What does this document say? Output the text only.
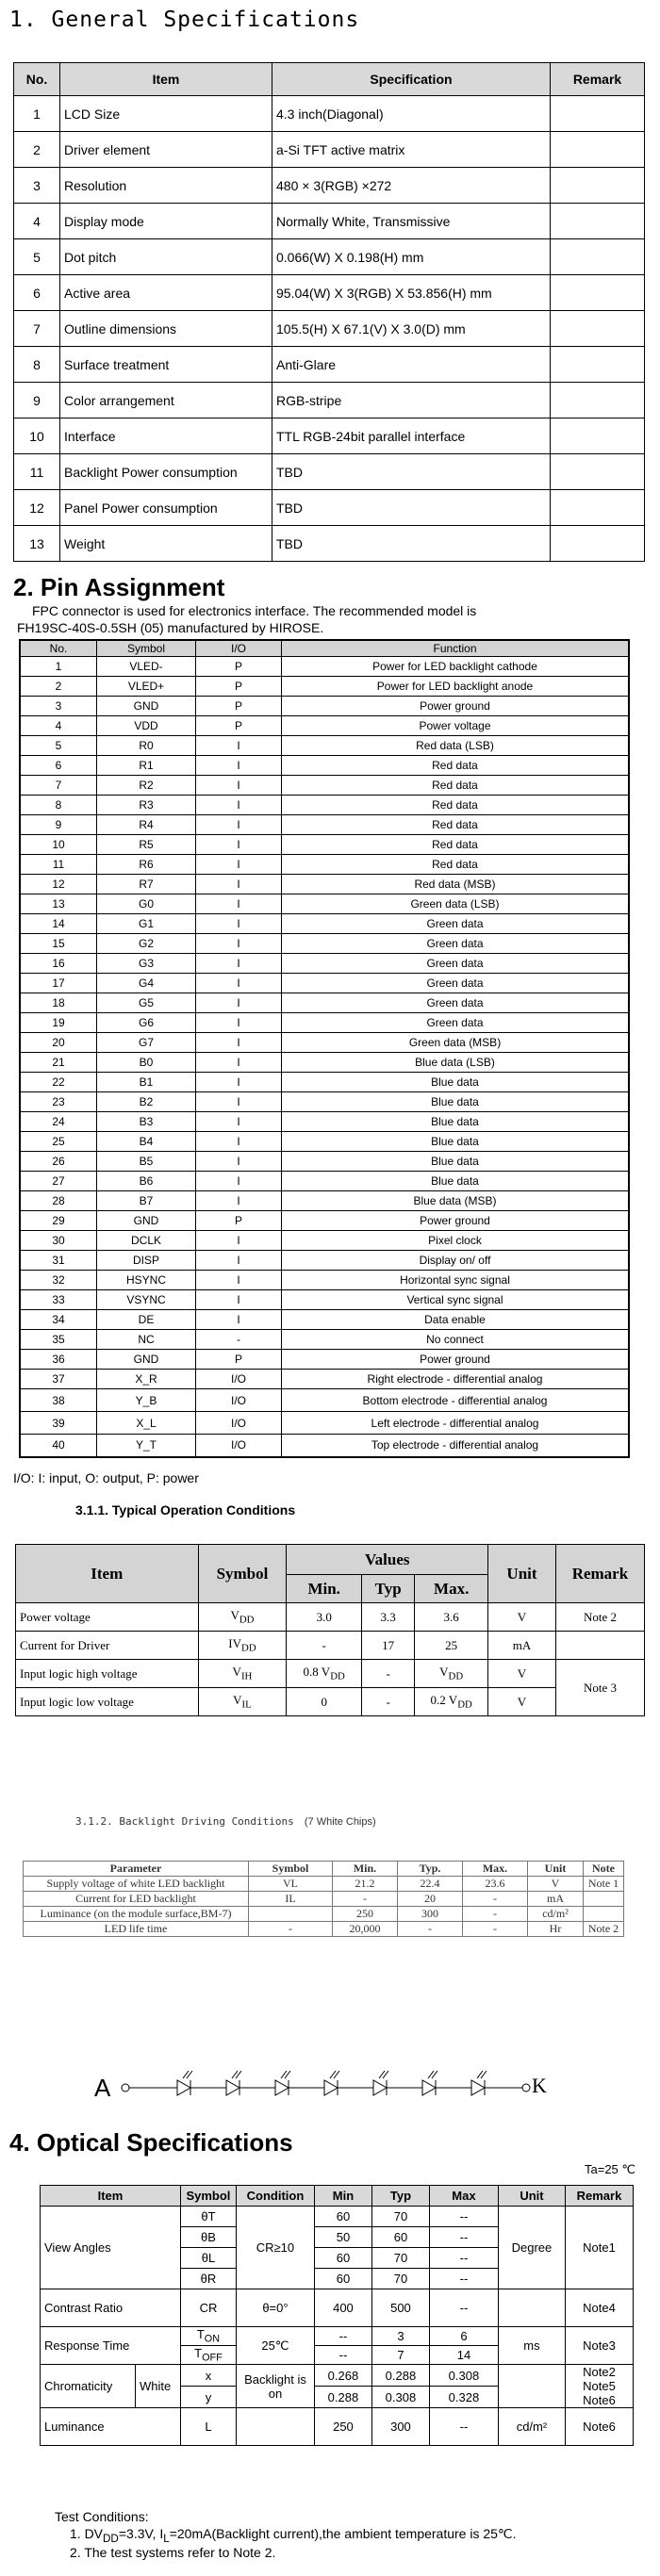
1. General Specifications
No.	Item	Specification	Remark
1	LCD Size	4.3 inch(Diagonal)	
2	Driver element	a-Si TFT active matrix	
3	Resolution	480 × 3(RGB) ×272	
4	Display mode	Normally White, Transmissive	
5	Dot pitch	0.066(W) X 0.198(H) mm	
6	Active area	95.04(W) X 3(RGB) X 53.856(H) mm	
7	Outline dimensions	105.5(H) X 67.1(V) X 3.0(D) mm	
8	Surface treatment	Anti-Glare	
9	Color arrangement	RGB-stripe	
10	Interface	TTL RGB-24bit parallel interface	
11	Backlight Power consumption	TBD	
12	Panel Power consumption	TBD	
13	Weight	TBD	
2. Pin Assignment
FPC connector is used for electronics interface. The recommended model is
FH19SC-40S-0.5SH (05) manufactured by HIROSE.
No.	Symbol	I/O	Function
1	VLED-	P	Power for LED backlight cathode
2	VLED+	P	Power for LED backlight anode
3	GND	P	Power ground
4	VDD	P	Power voltage
5	R0	I	Red data (LSB)
6	R1	I	Red data
7	R2	I	Red data
8	R3	I	Red data
9	R4	I	Red data
10	R5	I	Red data
11	R6	I	Red data
12	R7	I	Red data (MSB)
13	G0	I	Green data (LSB)
14	G1	I	Green data
15	G2	I	Green data
16	G3	I	Green data
17	G4	I	Green data
18	G5	I	Green data
19	G6	I	Green data
20	G7	I	Green data (MSB)
21	B0	I	Blue data (LSB)
22	B1	I	Blue data
23	B2	I	Blue data
24	B3	I	Blue data
25	B4	I	Blue data
26	B5	I	Blue data
27	B6	I	Blue data
28	B7	I	Blue data (MSB)
29	GND	P	Power ground
30	DCLK	I	Pixel clock
31	DISP	I	Display on/ off
32	HSYNC	I	Horizontal sync signal
33	VSYNC	I	Vertical sync signal
34	DE	I	Data enable
35	NC	-	No connect
36	GND	P	Power ground
37	X_R	I/O	Right electrode - differential analog
38	Y_B	I/O	Bottom electrode - differential analog
39	X_L	I/O	Left electrode - differential analog
40	Y_T	I/O	Top electrode - differential analog
I/O: I: input, O: output, P: power
3.1.1. Typical Operation Conditions
Item	Symbol	Values			Unit	Remark
		Min.	Typ	Max.		
Power voltage	$V_{DD}$	3.0	3.3	3.6	V	Note 2
Current for Driver	$IV_{DD}$	-	17	25	mA	
Input logic high voltage	$V_{IH}$	0.8 $V_{DD}$	-	$V_{DD}$	V	Note 3
Input logic low voltage	$V_{IL}$	0	-	0.2 $V_{DD}$	V	
3.1.2. Backlight Driving Conditions (7 White Chips)
Parameter	Symbol	Min.	Typ.	Max.	Unit	Note
Supply voltage of white LED backlight	VL	21.2	22.4	23.6	V	Note 1
Current for LED backlight	IL	-	20	-	mA	
Luminance (on the module surface,BM-7)		250	300	-	cd/m²	
LED life time	-	20,000	-	-	Hr	Note 2
A	K
4. Optical Specifications
Ta=25 ℃
Item		Symbol	Condition	Min	Typ	Max	Unit	Remark
View Angles		θT	CR≥10	60	70	--	Degree	Note1
		θB		50	60	--		
		θL		60	70	--		
		θR		60	70	--		
Contrast Ratio		CR	θ=0°	400	500	--		Note4
Response Time		$T_{ON}$	25℃	--	3	6	ms	Note3
		$T_{OFF}$		--	7	14		
Chromaticity	White	x	Backlight is on	0.268	0.288	0.308		Note2 Note5 Note6
		y		0.288	0.308	0.328		
Luminance		L		250	300	--	cd/m²	Note6
Test Conditions:
1. $DV_{DD}=3.3V$, $I_L=20mA(Backlight$ current),the ambient temperature is 25℃.
2. The test systems refer to Note 2.
